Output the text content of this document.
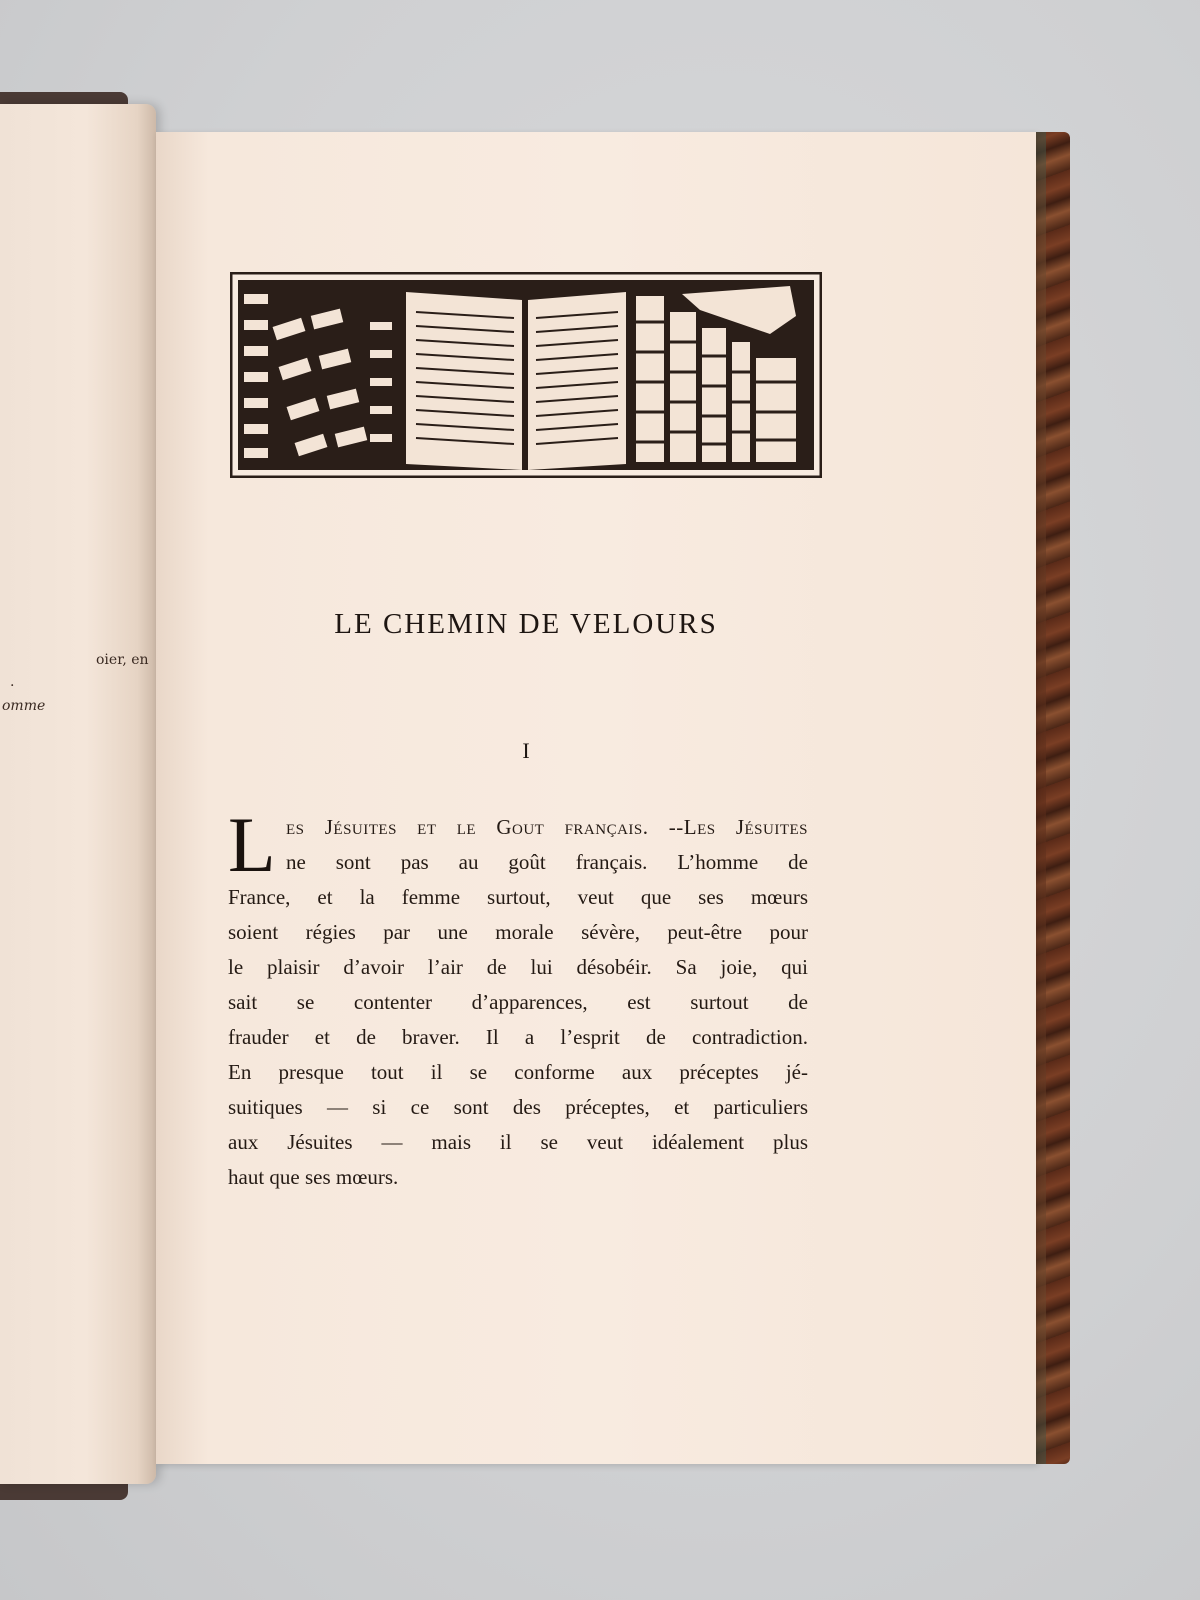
oier, en
.
omme
LE CHEMIN DE VELOURS
I
L es Jésuites et le Gout français. --Les Jésuites
ne sont pas au goût français. L’homme de
France, et la femme surtout, veut que ses mœurs
soient régies par une morale sévère, peut-être pour
le plaisir d’avoir l’air de lui désobéir. Sa joie, qui
sait se contenter d’apparences, est surtout de
frauder et de braver. Il a l’esprit de contradiction.
En presque tout il se conforme aux préceptes jé-
suitiques — si ce sont des préceptes, et particuliers
aux Jésuites — mais il se veut idéalement plus
haut que ses mœurs.
